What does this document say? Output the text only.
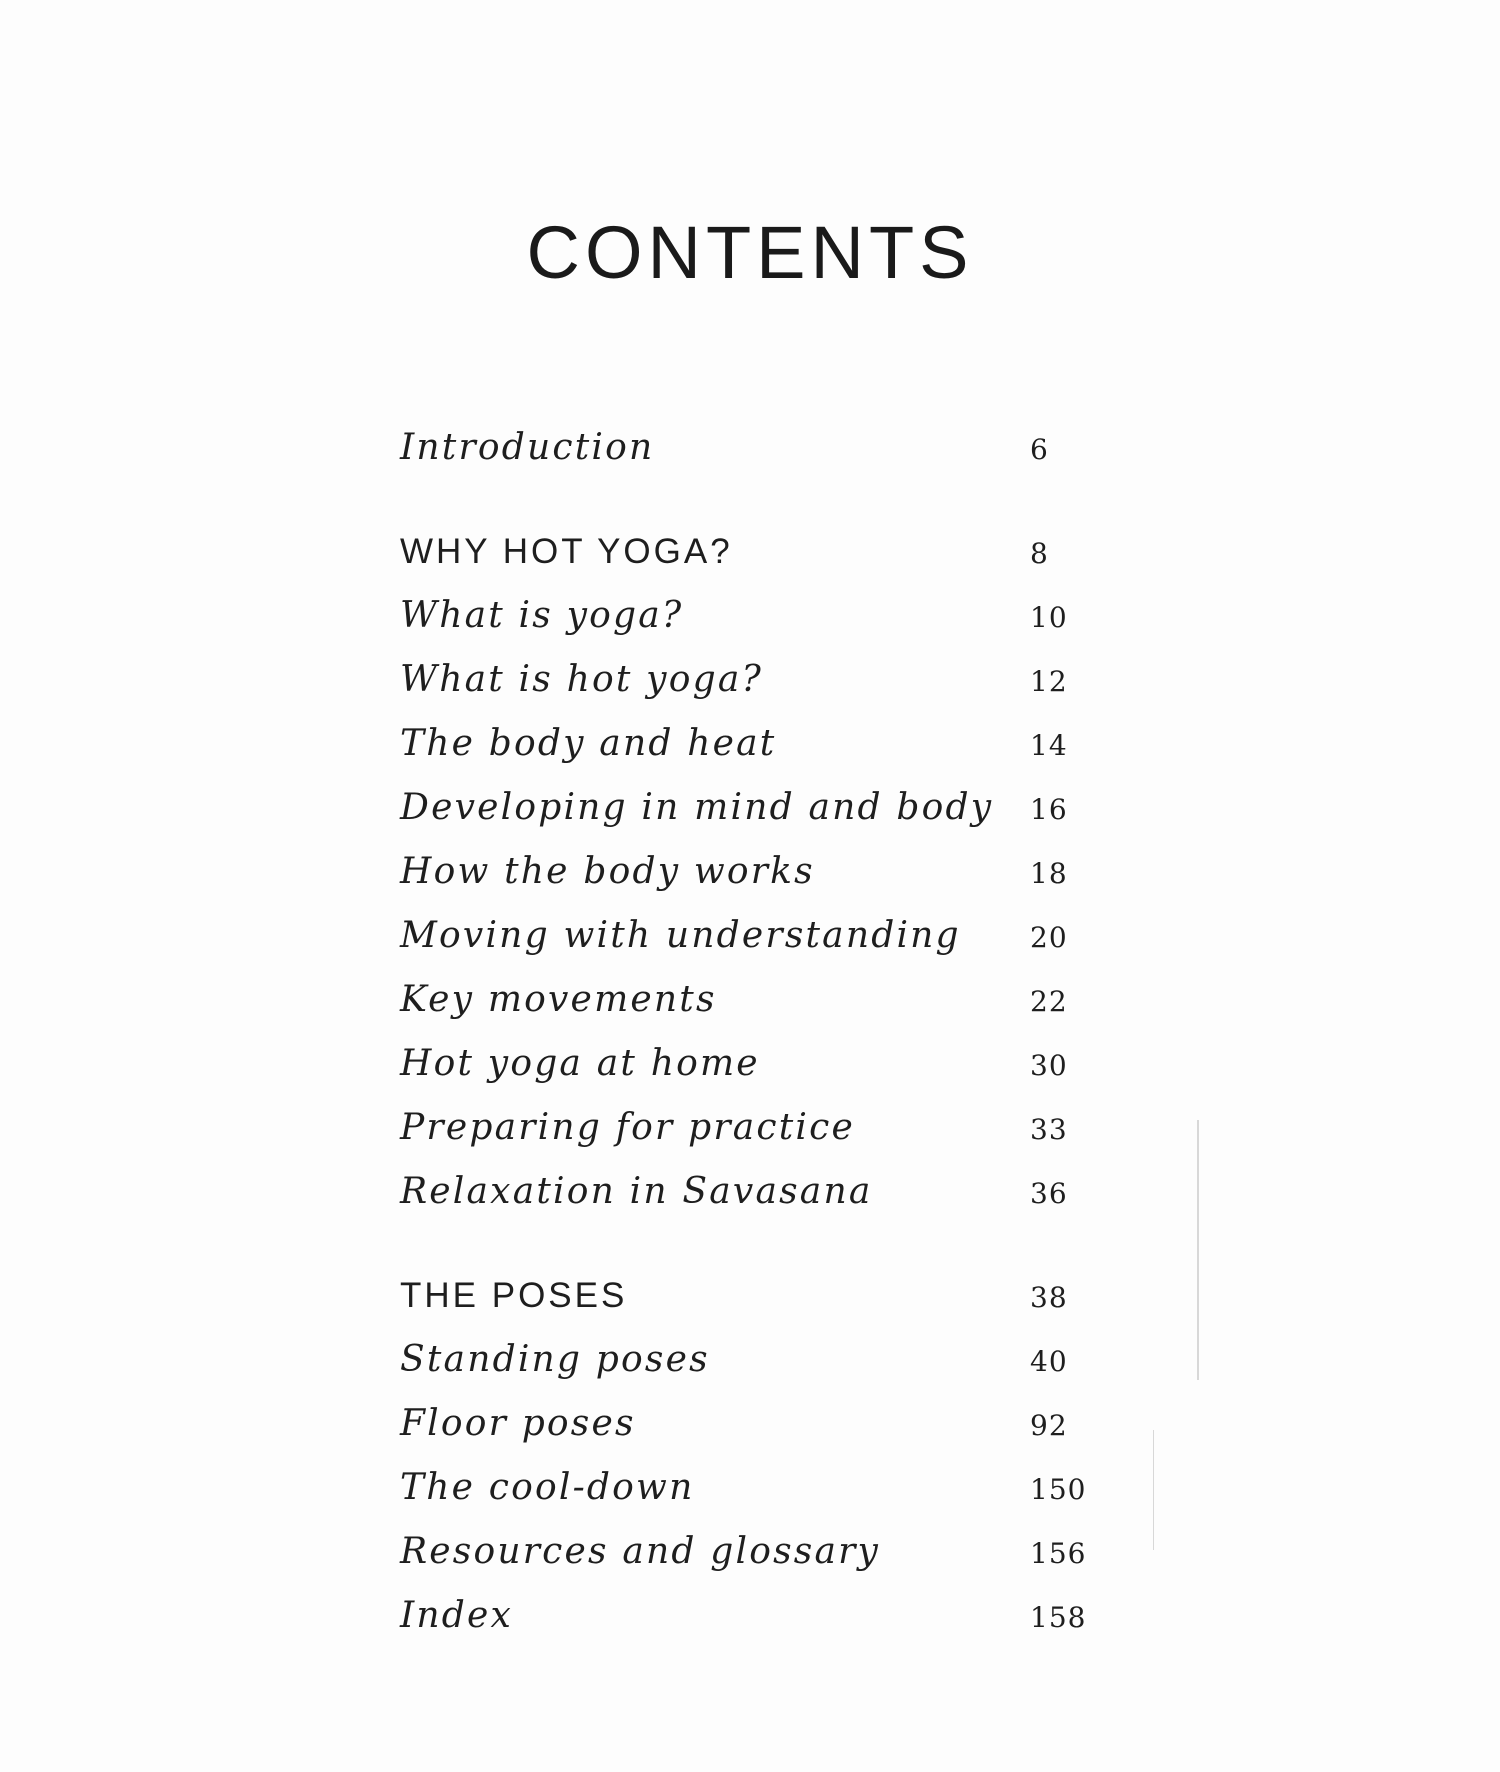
CONTENTS
Introduction	6
WHY HOT YOGA?	8
What is yoga?	10
What is hot yoga?	12
The body and heat	14
Developing in mind and body 16
How the body works	18
Moving with understanding 20
Key movements	22
Hot yoga at home	30
Preparing for practice	33
Relaxation in Savasana	36
THE POSES	38
Standing poses	40
Floor poses	92
The cool-down	150
Resources and glossary	156
Index	158
